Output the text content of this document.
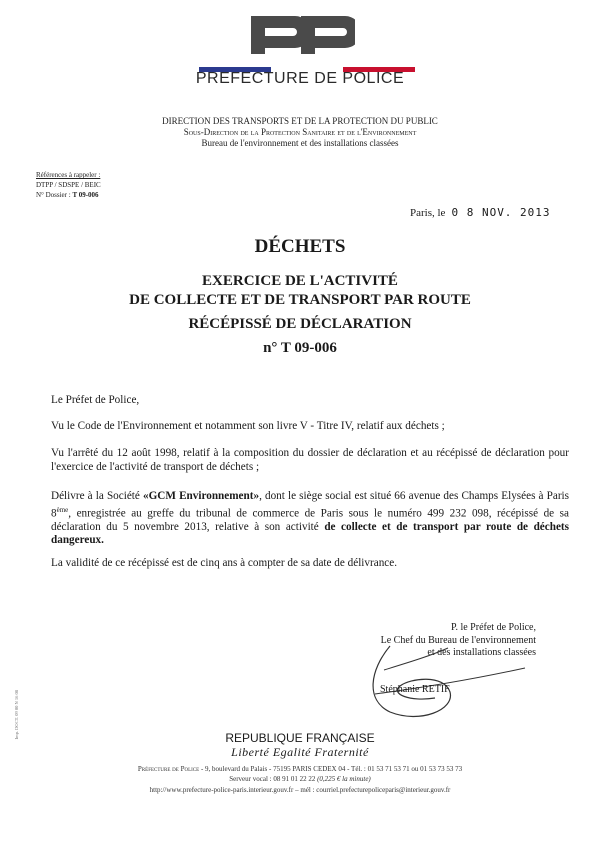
PREFECTURE DE POLICE
DIRECTION DES TRANSPORTS ET DE LA PROTECTION DU PUBLIC
Sous-Direction de la Protection Sanitaire et de l'Environnement
Bureau de l'environnement et des installations classées
Références à rappeler :
DTPP / SDSPE / BEIC
N° Dossier : T 09-006
Paris, le 0 8 NOV. 2013
DÉCHETS
EXERCICE DE L'ACTIVITÉ
DE COLLECTE ET DE TRANSPORT PAR ROUTE
RÉCÉPISSÉ DE DÉCLARATION
n° T 09-006
Le Préfet de Police,
Vu le Code de l'Environnement et notamment son livre V - Titre IV, relatif aux déchets ;
Vu l'arrêté du 12 août 1998, relatif à la composition du dossier de déclaration et au récépissé de déclaration pour l'exercice de l'activité de transport de déchets ;
Délivre à la Société «GCM Environnement», dont le siège social est situé 66 avenue des Champs Elysées à Paris 8ème, enregistrée au greffe du tribunal de commerce de Paris sous le numéro 499 232 098, récépissé de sa déclaration du 5 novembre 2013, relative à son activité de collecte et de transport par route de déchets dangereux.
La validité de ce récépissé est de cinq ans à compter de sa date de délivrance.
P. le Préfet de Police,
Le Chef du Bureau de l'environnement
et des installations classées
Stéphanie RETIF
REPUBLIQUE FRANÇAISE
Liberté Egalité Fraternité
Préfecture de Police - 9, boulevard du Palais - 75195 PARIS CEDEX 04 - Tél. : 01 53 71 53 71 ou 01 53 73 53 73
Serveur vocal : 08 91 01 22 22 (0,225 € la minute)
http://www.prefecture-police-paris.interieur.gouv.fr – mél : courriel.prefecturepoliceparis@interieur.gouv.fr
Imp. DOCT. 09 00 N 16 08
